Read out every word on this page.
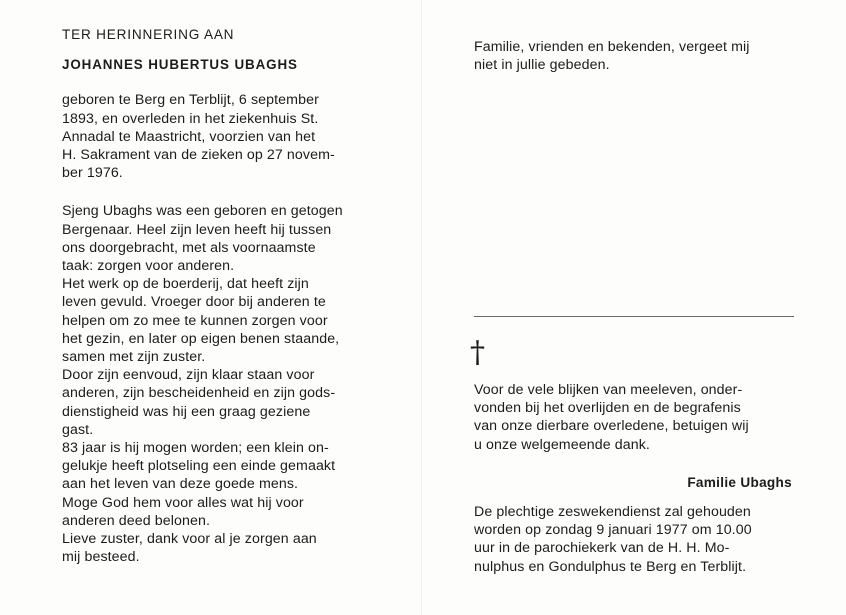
TER HERINNERING AAN
JOHANNES HUBERTUS UBAGHS
geboren te Berg en Terblijt, 6 september
1893, en overleden in het ziekenhuis St.
Annadal te Maastricht, voorzien van het
H. Sakrament van de zieken op 27 novem-
ber 1976.
Sjeng Ubaghs was een geboren en getogen
Bergenaar. Heel zijn leven heeft hij tussen
ons doorgebracht, met als voornaamste
taak: zorgen voor anderen.
Het werk op de boerderij, dat heeft zijn
leven gevuld. Vroeger door bij anderen te
helpen om zo mee te kunnen zorgen voor
het gezin, en later op eigen benen staande,
samen met zijn zuster.
Door zijn eenvoud, zijn klaar staan voor
anderen, zijn bescheidenheid en zijn gods-
dienstigheid was hij een graag geziene
gast.
83 jaar is hij mogen worden; een klein on-
gelukje heeft plotseling een einde gemaakt
aan het leven van deze goede mens.
Moge God hem voor alles wat hij voor
anderen deed belonen.
Lieve zuster, dank voor al je zorgen aan
mij besteed.
Familie, vrienden en bekenden, vergeet mij
niet in jullie gebeden.
†
Voor de vele blijken van meeleven, onder-
vonden bij het overlijden en de begrafenis
van onze dierbare overledene, betuigen wij
u onze welgemeende dank.
Familie Ubaghs
De plechtige zeswekendienst zal gehouden
worden op zondag 9 januari 1977 om 10.00
uur in de parochiekerk van de H. H. Mo-
nulphus en Gondulphus te Berg en Terblijt.
